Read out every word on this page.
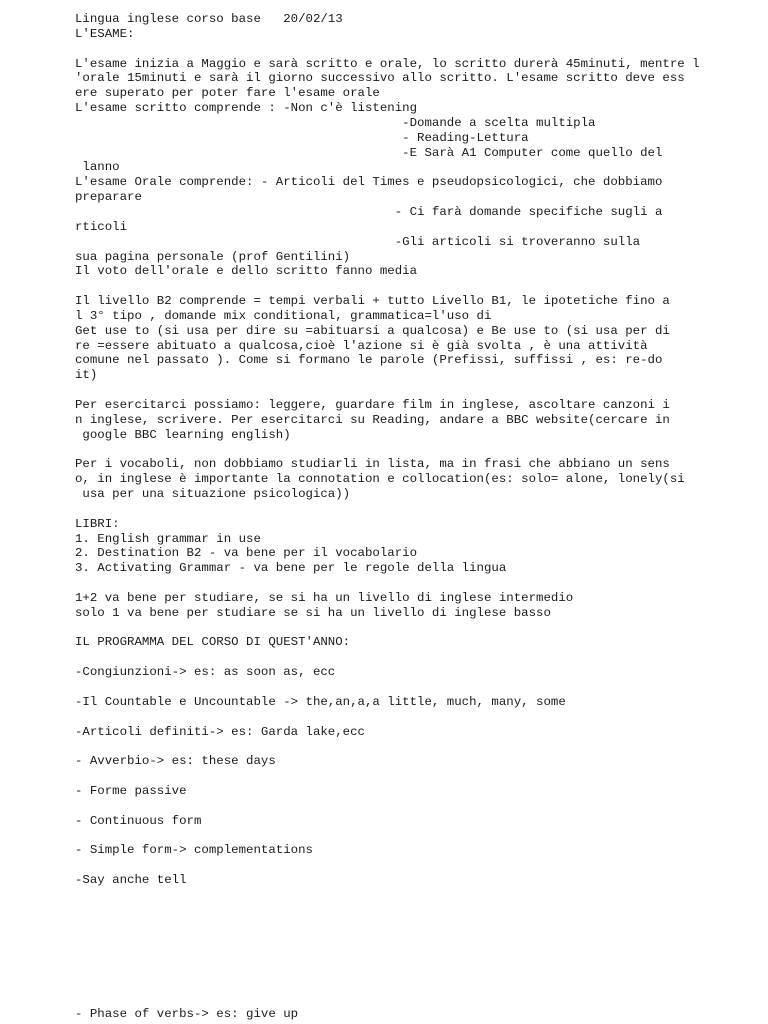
Lingua inglese corso base   20/02/13
L'ESAME:
L'esame inizia a Maggio e sarà scritto e orale, lo scritto durerà 45minuti, mentre l
'orale 15minuti e sarà il giorno successivo allo scritto. L'esame scritto deve ess
ere superato per poter fare l'esame orale
L'esame scritto comprende : -Non c'è listening
-Domande a scelta multipla
- Reading-Lettura
-E Sarà A1 Computer come quello del
lanno
L'esame Orale comprende: - Articoli del Times e pseudopsicologici, che dobbiamo
preparare
- Ci farà domande specifiche sugli a
rticoli
-Gli articoli si troveranno sulla
sua pagina personale (prof Gentilini)
Il voto dell'orale e dello scritto fanno media
Il livello B2 comprende = tempi verbali + tutto Livello B1, le ipotetiche fino a
l 3° tipo , domande mix conditional, grammatica=l'uso di
Get use to (si usa per dire su =abituarsi a qualcosa) e Be use to (si usa per di
re =essere abituato a qualcosa,cioè l'azione si è già svolta , è una attività
comune nel passato ). Come si formano le parole (Prefissi, suffissi , es: re-do
it)
Per esercitarci possiamo: leggere, guardare film in inglese, ascoltare canzoni i
n inglese, scrivere. Per esercitarci su Reading, andare a BBC website(cercare in
google BBC learning english)
Per i vocaboli, non dobbiamo studiarli in lista, ma in frasi che abbiano un sens
o, in inglese è importante la connotation e collocation(es: solo= alone, lonely(si
usa per una situazione psicologica))
LIBRI:
1. English grammar in use
2. Destination B2 - va bene per il vocabolario
3. Activating Grammar - va bene per le regole della lingua
1+2 va bene per studiare, se si ha un livello di inglese intermedio
solo 1 va bene per studiare se si ha un livello di inglese basso
IL PROGRAMMA DEL CORSO DI QUEST'ANNO:
-Congiunzioni-> es: as soon as, ecc
-Il Countable e Uncountable -> the,an,a,a little, much, many, some
-Articoli definiti-> es: Garda lake,ecc
- Avverbio-> es: these days
- Forme passive
- Continuous form
- Simple form-> complementations
-Say anche tell
- Phase of verbs-> es: give up
